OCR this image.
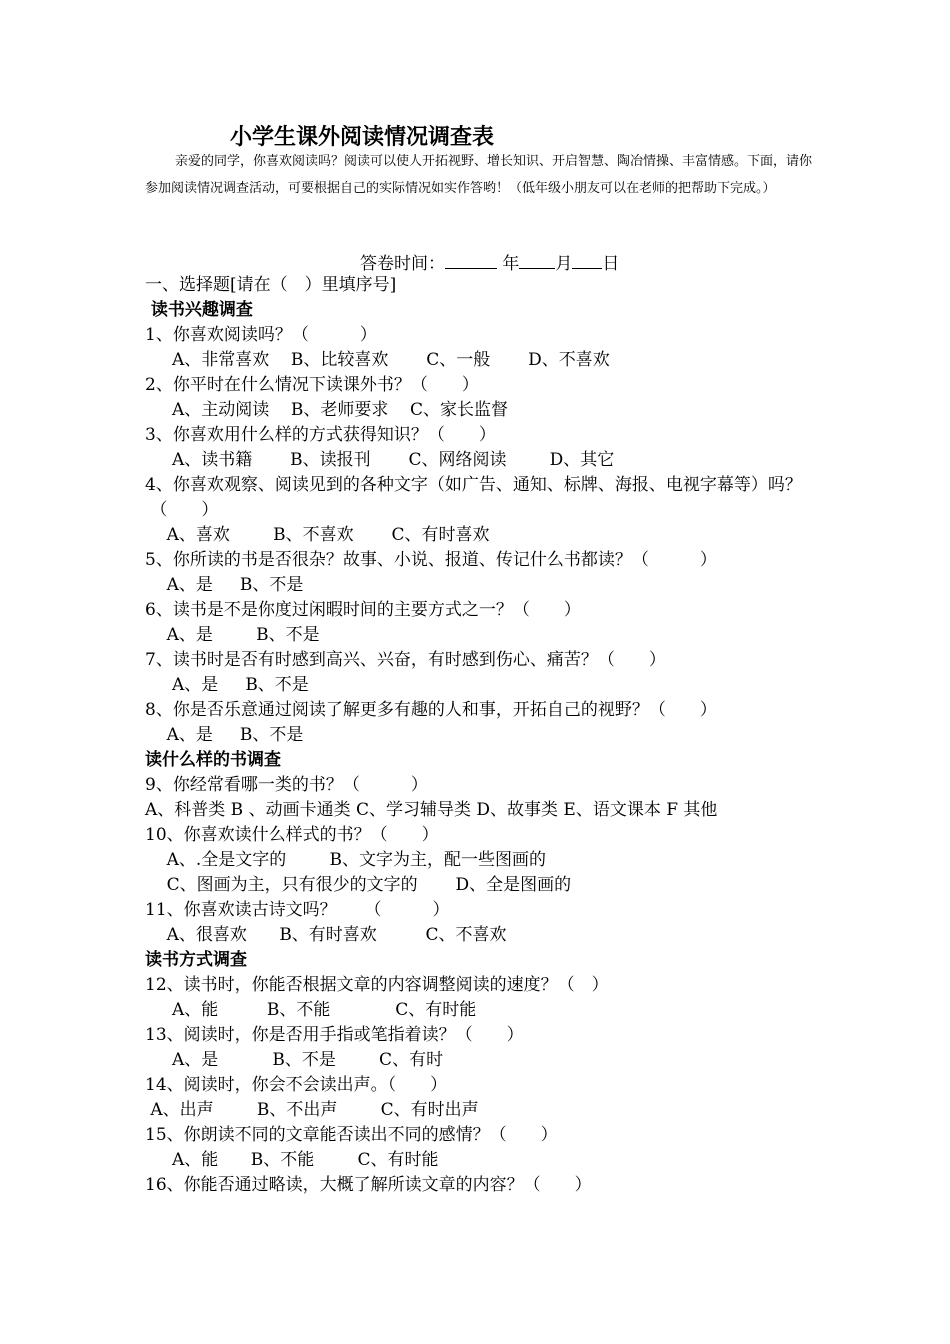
小学生课外阅读情况调查表
亲爱的同学，你喜欢阅读吗？阅读可以使人开拓视野、增长知识、开启智慧、陶冶情操、丰富情感。下面，请你参加阅读情况调查活动，可要根据自己的实际情况如实作答哟！（低年级小朋友可以在老师的把帮助下完成。）
答卷时间：	年 月 日
一、选择题[请在（　）里填序号]
读书兴趣调查
1、你喜欢阅读吗？（　　　）
A、非常喜欢    B、比较喜欢       C、一般       D、不喜欢
2、你平时在什么情况下读课外书？（　　）
A、主动阅读    B、老师要求    C、家长监督
3、你喜欢用什么样的方式获得知识？（　　）
A、读书籍       B、读报刊       C、网络阅读        D、其它
4、你喜欢观察、阅读见到的各种文字（如广告、通知、标牌、海报、电视字幕等）吗？
（　　）
A、喜欢        B、不喜欢       C、有时喜欢
5、你所读的书是否很杂？故事、小说、报道、传记什么书都读？（　　　）
A、是     B、不是
6、读书是不是你度过闲暇时间的主要方式之一？（　　）
A、是        B、不是
7、读书时是否有时感到高兴、兴奋，有时感到伤心、痛苦？（　　）
A、是     B、不是
8、你是否乐意通过阅读了解更多有趣的人和事，开拓自己的视野？（　　）
A、是     B、不是
读什么样的书调查
9、你经常看哪一类的书？（　　　）
A、科普类 B 、动画卡通类 C、学习辅导类 D、故事类 E、语文课本 F 其他
10、你喜欢读什么样式的书？（　　）
A、.全是文字的        B、文字为主，配一些图画的
C、图画为主，只有很少的文字的       D、全是图画的
11、你喜欢读古诗文吗？　  （　　　）
A、很喜欢      B、有时喜欢         C、不喜欢
读书方式调查
12、读书时，你能否根据文章的内容调整阅读的速度？（　）
A、能         B、不能            C、有时能
13、阅读时，你是否用手指或笔指着读？（　　）
A、是          B、不是        C、有时
14、阅读时，你会不会读出声。（　　）
A、出声        B、不出声        C、有时出声
15、你朗读不同的文章能否读出不同的感情？（　　）
A、能      B、不能        C、有时能
16、你能否通过略读，大概了解所读文章的内容？（　　）
